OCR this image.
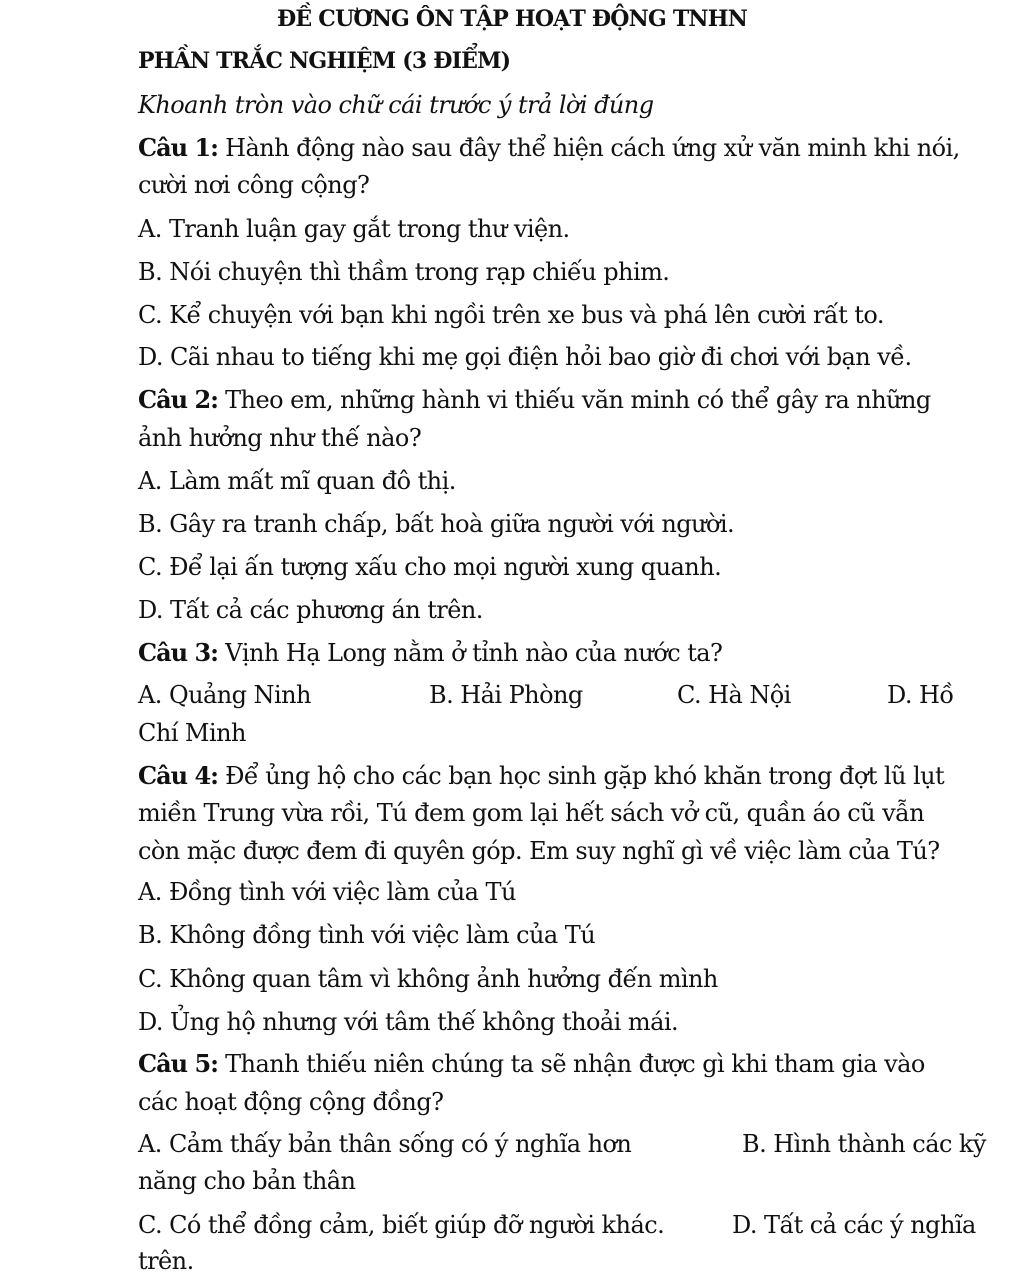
ĐỀ CƯƠNG ÔN TẬP HOẠT ĐỘNG TNHN
PHẦN TRẮC NGHIỆM (3 ĐIỂM)
Khoanh tròn vào chữ cái trước ý trả lời đúng
Câu 1: Hành động nào sau đây thể hiện cách ứng xử văn minh khi nói,
cười nơi công cộng?
A. Tranh luận gay gắt trong thư viện.
B. Nói chuyện thì thầm trong rạp chiếu phim.
C. Kể chuyện với bạn khi ngồi trên xe bus và phá lên cười rất to.
D. Cãi nhau to tiếng khi mẹ gọi điện hỏi bao giờ đi chơi với bạn về.
Câu 2: Theo em, những hành vi thiếu văn minh có thể gây ra những
ảnh hưởng như thế nào?
A. Làm mất mĩ quan đô thị.
B. Gây ra tranh chấp, bất hoà giữa người với người.
C. Để lại ấn tượng xấu cho mọi người xung quanh.
D. Tất cả các phương án trên.
Câu 3: Vịnh Hạ Long nằm ở tỉnh nào của nước ta?
A. Quảng Ninh	B. Hải Phòng	C. Hà Nội	D. Hồ
Chí Minh
Câu 4: Để ủng hộ cho các bạn học sinh gặp khó khăn trong đợt lũ lụt
miền Trung vừa rồi, Tú đem gom lại hết sách vở cũ, quần áo cũ vẫn
còn mặc được đem đi quyên góp. Em suy nghĩ gì về việc làm của Tú?
A. Đồng tình với việc làm của Tú
B. Không đồng tình với việc làm của Tú
C. Không quan tâm vì không ảnh hưởng đến mình
D. Ủng hộ nhưng với tâm thế không thoải mái.
Câu 5: Thanh thiếu niên chúng ta sẽ nhận được gì khi tham gia vào
các hoạt động cộng đồng?
A. Cảm thấy bản thân sống có ý nghĩa hơn	B. Hình thành các kỹ
năng cho bản thân
C. Có thể đồng cảm, biết giúp đỡ người khác.	D. Tất cả các ý nghĩa
trên.
